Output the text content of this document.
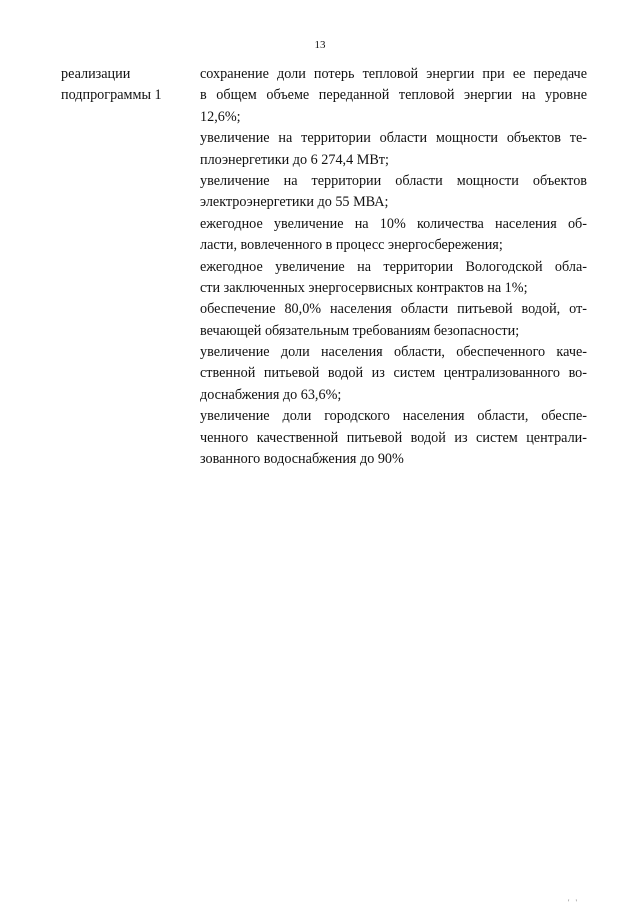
13
реализации
подпрограммы 1
сохранение доли потерь тепловой энергии при ее передаче
в общем объеме переданной тепловой энергии на уровне
12,6%;
увеличение на территории области мощности объектов те-
плоэнергетики до 6 274,4 МВт;
увеличение на территории области мощности объектов
электроэнергетики до 55 МВА;
ежегодное увеличение на 10% количества населения об-
ласти, вовлеченного в процесс энергосбережения;
ежегодное увеличение на территории Вологодской обла-
сти заключенных энергосервисных контрактов на 1%;
обеспечение 80,0% населения области питьевой водой, от-
вечающей обязательным требованиям безопасности;
увеличение доли населения области, обеспеченного каче-
ственной питьевой водой из систем централизованного во-
доснабжения до 63,6%;
увеличение доли городского населения области, обеспе-
ченного качественной питьевой водой из систем централи-
зованного водоснабжения до 90%
' '
